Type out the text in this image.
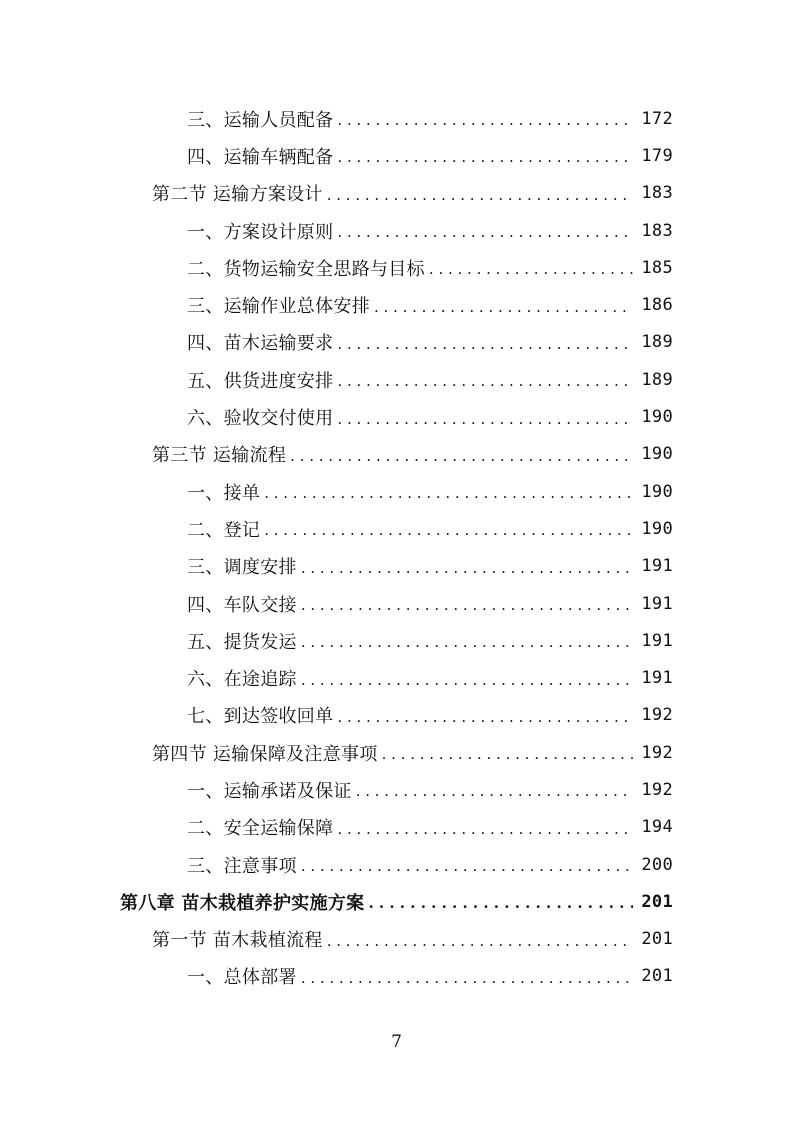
三、运输人员配备 . . .	172
四、运输车辆配备 . . .	179
第二节 运输方案设计 . . .	183
一、方案设计原则 . . .	183
二、货物运输安全思路与目标 . . .	185
三、运输作业总体安排 . . .	186
四、苗木运输要求 . . .	189
五、供货进度安排 . . .	189
六、验收交付使用 . . .	190
第三节 运输流程 . . .	190
一、接单 . . .	190
二、登记 . . .	190
三、调度安排 . . .	191
四、车队交接 . . .	191
五、提货发运 . . .	191
六、在途追踪 . . .	191
七、到达签收回单 . . .	192
第四节 运输保障及注意事项 . . .	192
一、运输承诺及保证 . . .	192
二、安全运输保障 . . .	194
三、注意事项 . . .	200
第八章 苗木栽植养护实施方案 . . .	201
第一节 苗木栽植流程 . . .	201
一、总体部署 . . .	201
7
